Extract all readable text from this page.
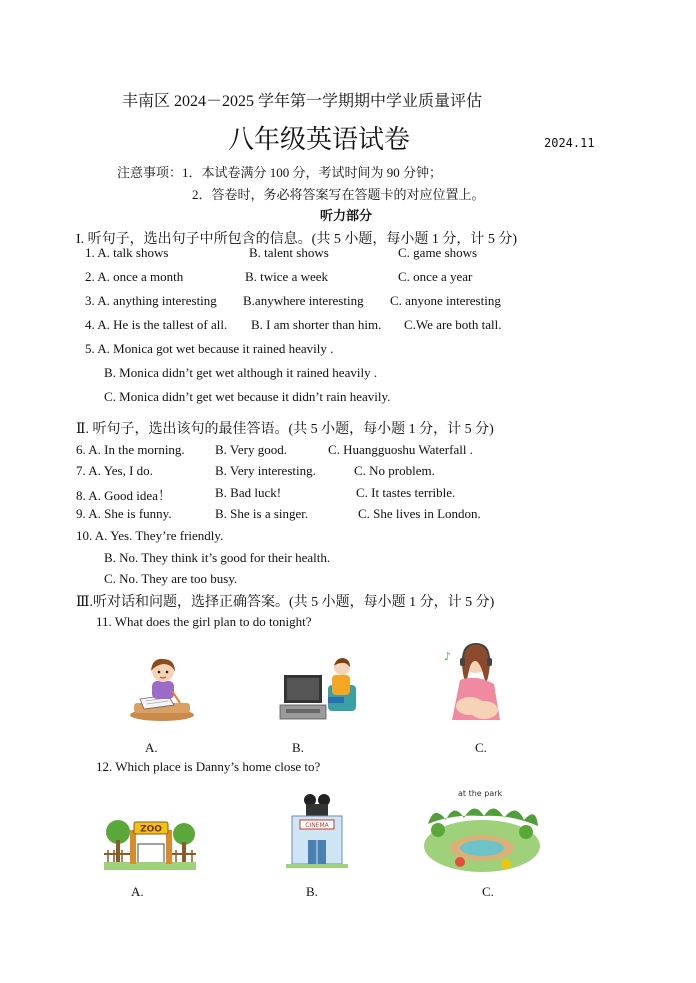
丰南区 2024－2025 学年第一学期期中学业质量评估
八年级英语试卷	2024.11
注意事项：1．本试卷满分 100 分，考试时间为 90 分钟；
2．答卷时，务必将答案写在答题卡的对应位置上。
听力部分
I. 听句子，选出句子中所包含的信息。(共 5 小题，每小题 1 分，计 5 分)
1. A. talk shows	B. talent shows	C. game shows
2. A. once a month	B. twice a week	C. once a year
3. A. anything interesting B.anywhere interesting C. anyone interesting
4. A. He is the tallest of all. B. I am shorter than him. C.We are both tall.
5. A. Monica got wet because it rained heavily .
B. Monica didn’t get wet although it rained heavily .
C. Monica didn’t get wet because it didn’t rain heavily.
Ⅱ. 听句子，选出该句的最佳答语。(共 5 小题，每小题 1 分，计 5 分)
6. A. In the morning. B. Very good.	C. Huangguoshu Waterfall .
7. A. Yes, I do.	B. Very interesting.	C. No problem.
8. A. Good idea！	B. Bad luck!	C. It tastes terrible.
9. A. She is funny.	B. She is a singer.	C. She lives in London.
10. A. Yes. They’re friendly.
B. No. They think it’s good for their health.
C. No. They are too busy.
Ⅲ.听对话和问题，选择正确答案。(共 5 小题，每小题 1 分，计 5 分)
11. What does the girl plan to do tonight?
♪
A.	B.	C.
12. Which place is Danny’s home close to?
ZOO	CINEMA
at the park
A.	B.	C.
